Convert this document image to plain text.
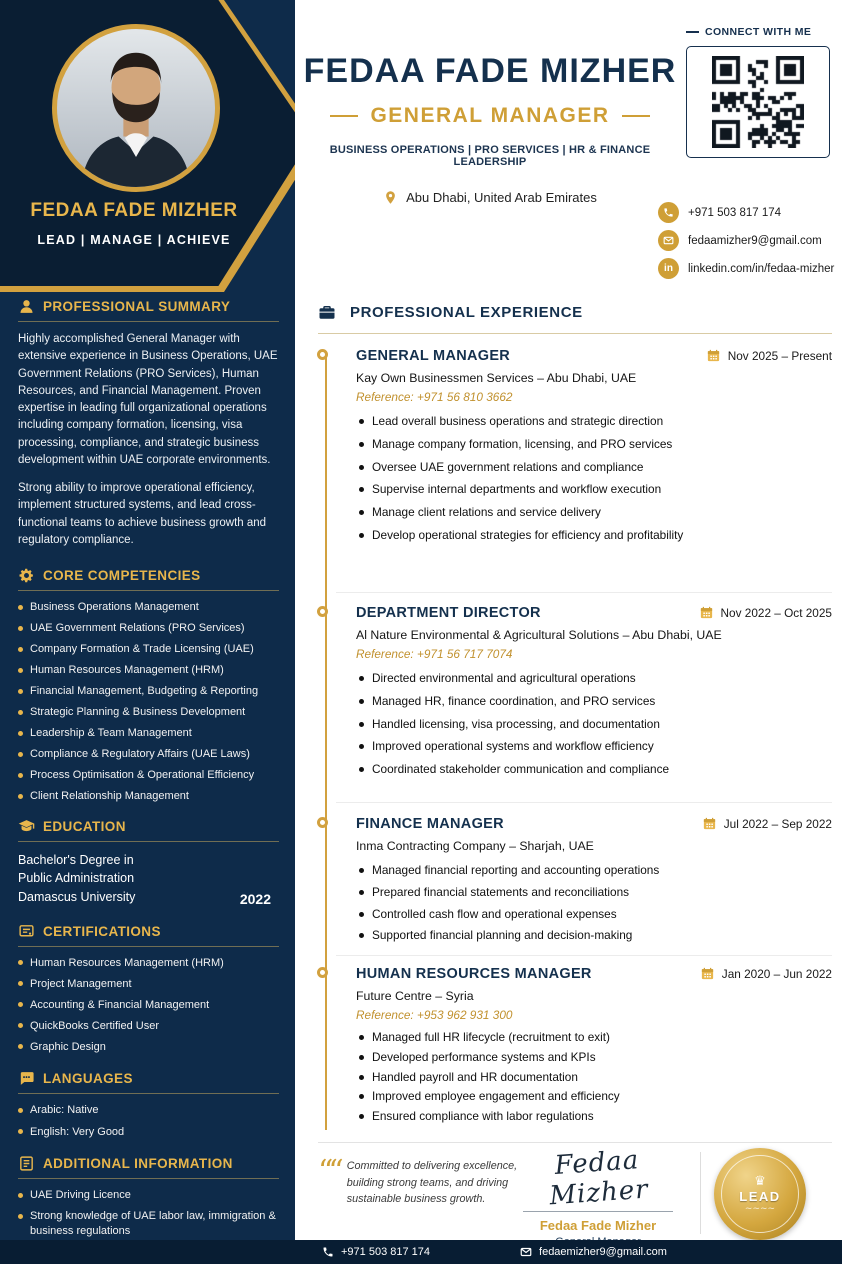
FEDAA FADE MIZHER
LEAD | MANAGE | ACHIEVE
PROFESSIONAL SUMMARY

Highly accomplished General Manager with extensive experience in Business Operations, UAE Government Relations (PRO Services), Human Resources, and Financial Management. Proven expertise in leading full organizational operations including company formation, licensing, visa processing, compliance, and strategic business development within UAE corporate environments.

Strong ability to improve operational efficiency, implement structured systems, and lead cross-functional teams to achieve business growth and regulatory compliance.

CORE COMPETENCIES
Business Operations Management
UAE Government Relations (PRO Services)
Company Formation & Trade Licensing (UAE)
Human Resources Management (HRM)
Financial Management, Budgeting & Reporting
Strategic Planning & Business Development
Leadership & Team Management
Compliance & Regulatory Affairs (UAE Laws)
Process Optimisation & Operational Efficiency
Client Relationship Management
EDUCATION
Bachelor's Degree in
Public Administration
Damascus University	2022
CERTIFICATIONS
Human Resources Management (HRM)
Project Management
Accounting & Financial Management
QuickBooks Certified User
Graphic Design
LANGUAGES
Arabic: Native
English: Very Good
ADDITIONAL INFORMATION
UAE Driving Licence
Strong knowledge of UAE labor law, immigration & business regulations
FEDAA FADE MIZHER
GENERAL MANAGER
BUSINESS OPERATIONS | PRO SERVICES | HR & FINANCE LEADERSHIP
Abu Dhabi, United Arab Emirates
CONNECT WITH ME
+971 503 817 174
fedaamizher9@gmail.com
in	linkedin.com/in/fedaa-mizher
PROFESSIONAL EXPERIENCE
GENERAL MANAGER	Nov 2025 – Present
Kay Own Businessmen Services – Abu Dhabi, UAE
Reference: +971 56 810 3662
Lead overall business operations and strategic direction
Manage company formation, licensing, and PRO services
Oversee UAE government relations and compliance
Supervise internal departments and workflow execution
Manage client relations and service delivery
Develop operational strategies for efficiency and profitability
DEPARTMENT DIRECTOR	Nov 2022 – Oct 2025
Al Nature Environmental & Agricultural Solutions – Abu Dhabi, UAE
Reference: +971 56 717 7074
Directed environmental and agricultural operations
Managed HR, finance coordination, and PRO services
Handled licensing, visa processing, and documentation
Improved operational systems and workflow efficiency
Coordinated stakeholder communication and compliance
FINANCE MANAGER	Jul 2022 – Sep 2022
Inma Contracting Company – Sharjah, UAE
Managed financial reporting and accounting operations
Prepared financial statements and reconciliations
Controlled cash flow and operational expenses
Supported financial planning and decision-making
HUMAN RESOURCES MANAGER	Jan 2020 – Jun 2022
Future Centre – Syria
Reference: +953 962 931 300
Managed full HR lifecycle (recruitment to exit)
Developed performance systems and KPIs
Handled payroll and HR documentation
Improved employee engagement and efficiency
Ensured compliance with labor regulations
““
Committed to delivering excellence, building strong teams, and driving sustainable business growth.
Fedaa Mizher
Fedaa Fade Mizher
♛
LEAD
~~~~
+971 503 817 174	fedaemizher9@gmail.com
